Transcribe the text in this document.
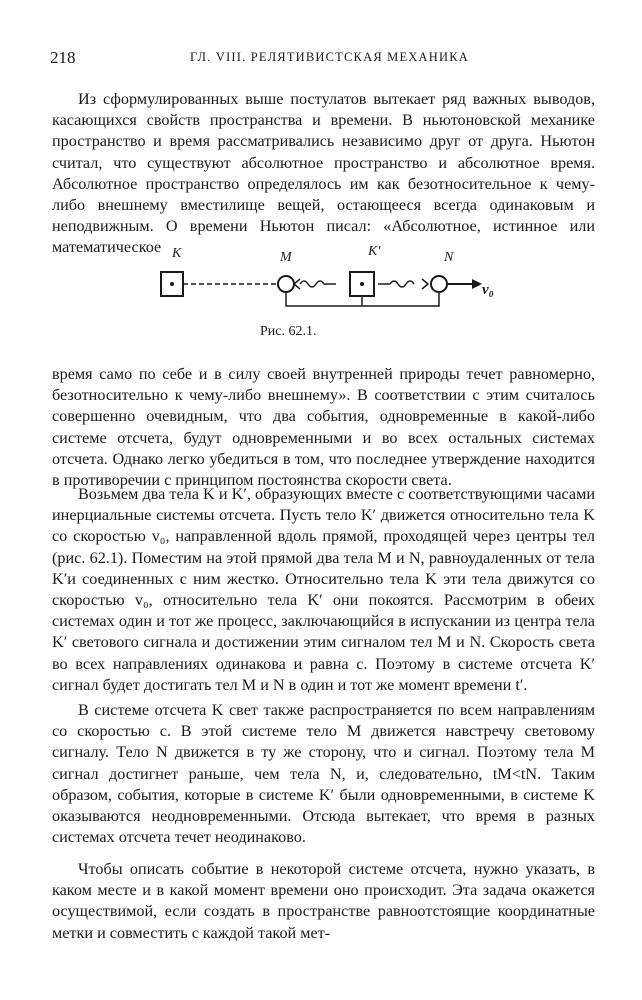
218	ГЛ. VIII. РЕЛЯТИВИСТСКАЯ МЕХАНИКА

Из сформулированных выше постулатов вытекает ряд важных выводов, касающихся свойств пространства и времени. В ньютоновской механике пространство и время рассматривались независимо друг от друга. Ньютон считал, что существуют абсолютное пространство и абсолютное время. Абсолютное пространство определялось им как безотносительное к чему-либо внешнему вместилище вещей, остающееся всегда одинаковым и неподвижным. О времени Ньютон писал: «Абсолютное, истинное или математическое K	M	K′	N
v₀
Рис. 62.1.

время само по себе и в силу своей внутренней природы течет равномерно, безотносительно к чему-либо внешнему». В соответствии с этим считалось совершенно очевидным, что два события, одновременные в какой-либо системе отсчета, будут одновременными и во всех остальных системах отсчета. Однако легко убедиться в том, что последнее утверждение находится в противоречии с принципом постоянства скорости света.

Возьмем два тела K и K′, образующих вместе с соответствующими часами инерциальные системы отсчета. Пусть тело K′ движется относительно тела K со скоростью v₀, направленной вдоль прямой, проходящей через центры тел (рис. 62.1). Поместим на этой прямой два тела M и N, равноудаленных от тела K′и соединенных с ним жестко. Относительно тела K эти тела движутся со скоростью v₀, относительно тела K′ они покоятся. Рассмотрим в обеих системах один и тот же процесс, заключающийся в испускании из центра тела K′ светового сигнала и достижении этим сигналом тел M и N. Скорость света во всех направлениях одинакова и равна c. Поэтому в системе отсчета K′ сигнал будет достигать тел M и N в один и тот же момент времени t′.

В системе отсчета K свет также распространяется по всем направлениям со скоростью c. В этой системе тело M движется навстречу световому сигналу. Тело N движется в ту же сторону, что и сигнал. Поэтому тела M сигнал достигнет раньше, чем тела N, и, следовательно, tM<tN. Таким образом, события, которые в системе K′ были одновременными, в системе K оказываются неодновременными. Отсюда вытекает, что время в разных системах отсчета течет неодинаково.

Чтобы описать событие в некоторой системе отсчета, нужно указать, в каком месте и в какой момент времени оно происходит. Эта задача окажется осуществимой, если создать в пространстве равноотстоящие координатные метки и совместить с каждой такой мет-
